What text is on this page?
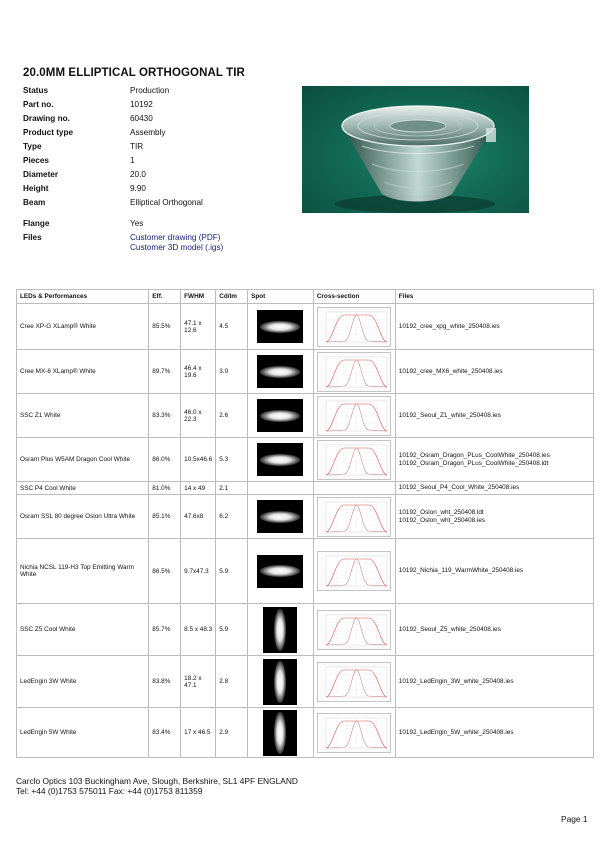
20.0MM ELLIPTICAL ORTHOGONAL TIR
Status	Production
Part no.	10192
Drawing no.	60430
Product type	Assembly
Type	TIR
Pieces	1
Diameter	20.0
Height	9.90
Beam	Elliptical Orthogonal
Flange	Yes
Files	Customer drawing (PDF)
Customer 3D model (.igs)
LEDs & Performances	Eff.	FWHM	Cd/lm	Spot	Cross-section	Files
Cree XP-G XLamp® White	85.5%	47.1 x 12.6	4.5			10192_cree_xpg_white_250408.ies

Cree MX-6 XLamp® White	89.7%	46.4 x 19.6	3.0			10192_cree_MX6_white_250408.ies

SSC Z1 White	83.3%	46.0 x 22.3	2.6			10192_Seoul_Z1_white_250408.ies

Osram Plus W5AM Dragon Cool White	86.0%	10.5x46.6	5.3			10192_Osram_Dragon_PLus_CoolWhite_250408.ies
10192_Osram_Dragon_PLus_CoolWhite_250408.ldt

SSC P4 Cool White	81.0%	14 x 49	2.1			10192_Seoul_P4_Cool_White_250408.ies

Osram SSL 80 degree Oslon Ultra White	85.1%	47.6x8	6.2			10192_Oslon_wht_250408.ldt
10192_Oslon_wht_250408.ies

Nichia NCSL 119-H3 Top Emitting Warm White	86.5%	9.7x47.3	5.9			10192_Nichia_119_WarmWhite_250408.ies

SSC Z5 Cool White	85.7%	8.5 x 48.3	5.9			10192_Seoul_Z5_white_250408.ies

LedEngin 3W White	83.8%	18.2 x 47.1	2.8			10192_LedEngin_3W_white_250408.ies

LedEngin 5W White	83.4%	17 x 46.5	2.9			10192_LedEngin_5W_white_250408.ies
Carclo Optics 103 Buckingham Ave, Slough, Berkshire, SL1 4PF ENGLAND
Tel: +44 (0)1753 575011 Fax: +44 (0)1753 811359
Page 1
